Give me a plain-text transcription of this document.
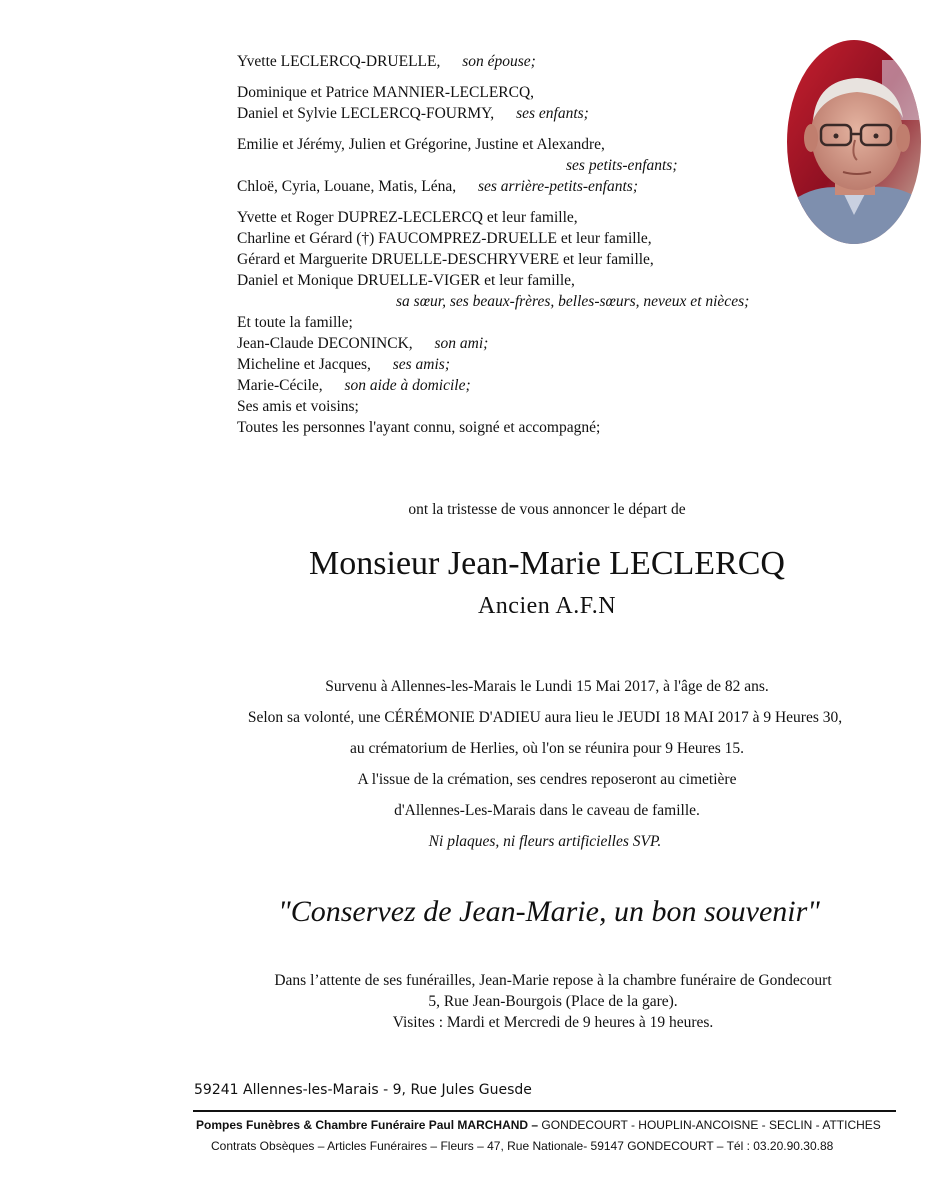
Yvette LECLERCQ-DRUELLE, son épouse;
Dominique et Patrice MANNIER-LECLERCQ,
Daniel et Sylvie LECLERCQ-FOURMY, ses enfants;
Emilie et Jérémy, Julien et Grégorine, Justine et Alexandre,
ses petits-enfants;
Chloë, Cyria, Louane, Matis, Léna, ses arrière-petits-enfants;
Yvette et Roger DUPREZ-LECLERCQ et leur famille,
Charline et Gérard (†) FAUCOMPREZ-DRUELLE et leur famille,
Gérard et Marguerite DRUELLE-DESCHRYVERE et leur famille,
Daniel et Monique DRUELLE-VIGER et leur famille,
sa sœur, ses beaux-frères, belles-sœurs, neveux et nièces;
Et toute la famille;
Jean-Claude DECONINCK, son ami;
Micheline et Jacques, ses amis;
Marie-Cécile, son aide à domicile;
Ses amis et voisins;
Toutes les personnes l'ayant connu, soigné et accompagné;
ont la tristesse de vous annoncer le départ de
Monsieur Jean-Marie LECLERCQ
Ancien A.F.N
Survenu à Allennes-les-Marais le Lundi 15 Mai 2017, à l'âge de 82 ans.
Selon sa volonté, une CÉRÉMONIE D'ADIEU aura lieu le JEUDI 18 MAI 2017 à 9 Heures 30,
au crématorium de Herlies, où l'on se réunira pour 9 Heures 15.
A l'issue de la crémation, ses cendres reposeront au cimetière
d'Allennes-Les-Marais dans le caveau de famille.
Ni plaques, ni fleurs artificielles SVP.
"Conservez de Jean-Marie, un bon souvenir"
Dans l’attente de ses funérailles, Jean-Marie repose à la chambre funéraire de Gondecourt
5, Rue Jean-Bourgois (Place de la gare).
Visites : Mardi et Mercredi de 9 heures à 19 heures.
59241 Allennes-les-Marais - 9, Rue Jules Guesde
Pompes Funèbres & Chambre Funéraire Paul MARCHAND – GONDECOURT - HOUPLIN-ANCOISNE - SECLIN - ATTICHES
Contrats Obsèques – Articles Funéraires – Fleurs – 47, Rue Nationale- 59147 GONDECOURT – Tél : 03.20.90.30.88
